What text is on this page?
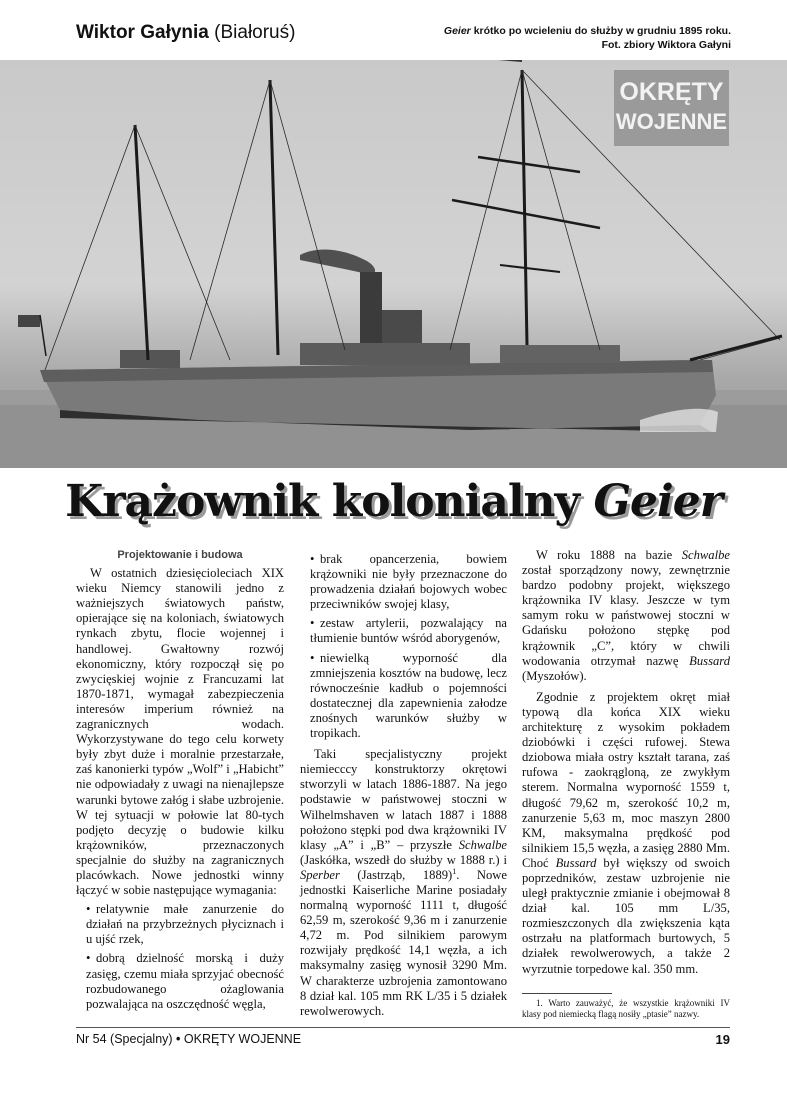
Wiktor Gałynia (Białoruś)	Geier krótko po wcieleniu do służby w grudniu 1895 roku.
Fot. zbiory Wiktora Gałyni
OKRĘTY
WOJENNE
Krążownik kolonialny Geier
Projektowanie i budowa

W ostatnich dziesięcioleciach XIX wieku Niemcy stanowili jedno z ważniejszych światowych państw, opierające się na koloniach, światowych rynkach zbytu, flocie wojennej i handlowej. Gwałtowny rozwój ekonomiczny, który rozpoczął się po zwycięskiej wojnie z Francuzami lat 1870-1871, wymagał zabezpieczenia interesów imperium również na zagranicznych wodach. Wykorzystywane do tego celu korwety były zbyt duże i moralnie przestarzałe, zaś kanonierki typów „Wolf” i „Habicht” nie odpowiadały z uwagi na nienajlepsze warunki bytowe załóg i słabe uzbrojenie. W tej sytuacji w połowie lat 80-tych podjęto decyzję o budowie kilku krążowników, przeznaczonych specjalnie do służby na zagranicznych placówkach. Nowe jednostki winny łączyć w sobie następujące wymagania:

• relatywnie małe zanurzenie do działań na przybrzeżnych płyciznach i u ujść rzek,

• dobrą dzielność morską i duży zasięg, czemu miała sprzyjać obecność rozbudowanego ożaglowania pozwalająca na oszczędność węgla,

• brak opancerzenia, bowiem krążowniki nie były przeznaczone do prowadzenia działań bojowych wobec przeciwników swojej klasy,

• zestaw artylerii, pozwalający na tłumienie buntów wśród aborygenów,

• niewielką wyporność dla zmniejszenia kosztów na budowę, lecz równocześnie kadłub o pojemności dostatecznej dla zapewnienia załodze znośnych warunków służby w tropikach.

Taki specjalistyczny projekt niemiecccy konstruktorzy okrętowi stworzyli w latach 1886-1887. Na jego podstawie w państwowej stoczni w Wilhelmshaven w latach 1887 i 1888 położono stępki pod dwa krążowniki IV klasy „A” i „B” – przyszłe Schwalbe (Jaskółka, wszedł do służby w 1888 r.) i Sperber (Jastrząb, 1889)$^1$. Nowe jednostki Kaiserliche Marine posiadały normalną wyporność 1111 t, długość 62,59 m, szerokość 9,36 m i zanurzenie 4,72 m. Pod silnikiem parowym rozwijały prędkość 14,1 węzła, a ich maksymalny zasięg wynosił 3290 Mm. W charakterze uzbrojenia zamontowano 8 dział kal. 105 mm RK L/35 i 5 działek rewolwerowych.

W roku 1888 na bazie Schwalbe został sporządzony nowy, zewnętrznie bardzo podobny projekt, większego krążownika IV klasy. Jeszcze w tym samym roku w państwowej stoczni w Gdańsku położono stępkę pod krążownik „C”, który w chwili wodowania otrzymał nazwę Bussard (Myszołów).

Zgodnie z projektem okręt miał typową dla końca XIX wieku architekturę z wysokim pokładem dziobówki i części rufowej. Stewa dziobowa miała ostry kształt tarana, zaś rufowa - zaokrągloną, ze zwykłym sterem. Normalna wyporność 1559 t, długość 79,62 m, szerokość 10,2 m, zanurzenie 5,63 m, moc maszyn 2800 KM, maksymalna prędkość pod silnikiem 15,5 węzła, a zasięg 2880 Mm. Choć Bussard był większy od swoich poprzedników, zestaw uzbrojenie nie uległ praktycznie zmianie i obejmował 8 dział kal. 105 mm L/35, rozmieszczonych dla zwiększenia kąta ostrzału na platformach burtowych, 5 działek rewolwerowych, a także 2 wyrzutnie torpedowe kal. 350 mm.

1. Warto zauważyć, że wszystkie krążowniki IV klasy pod niemiecką flagą nosiły „ptasie” nazwy.

Nr 54 (Specjalny) • OKRĘTY WOJENNE	19
